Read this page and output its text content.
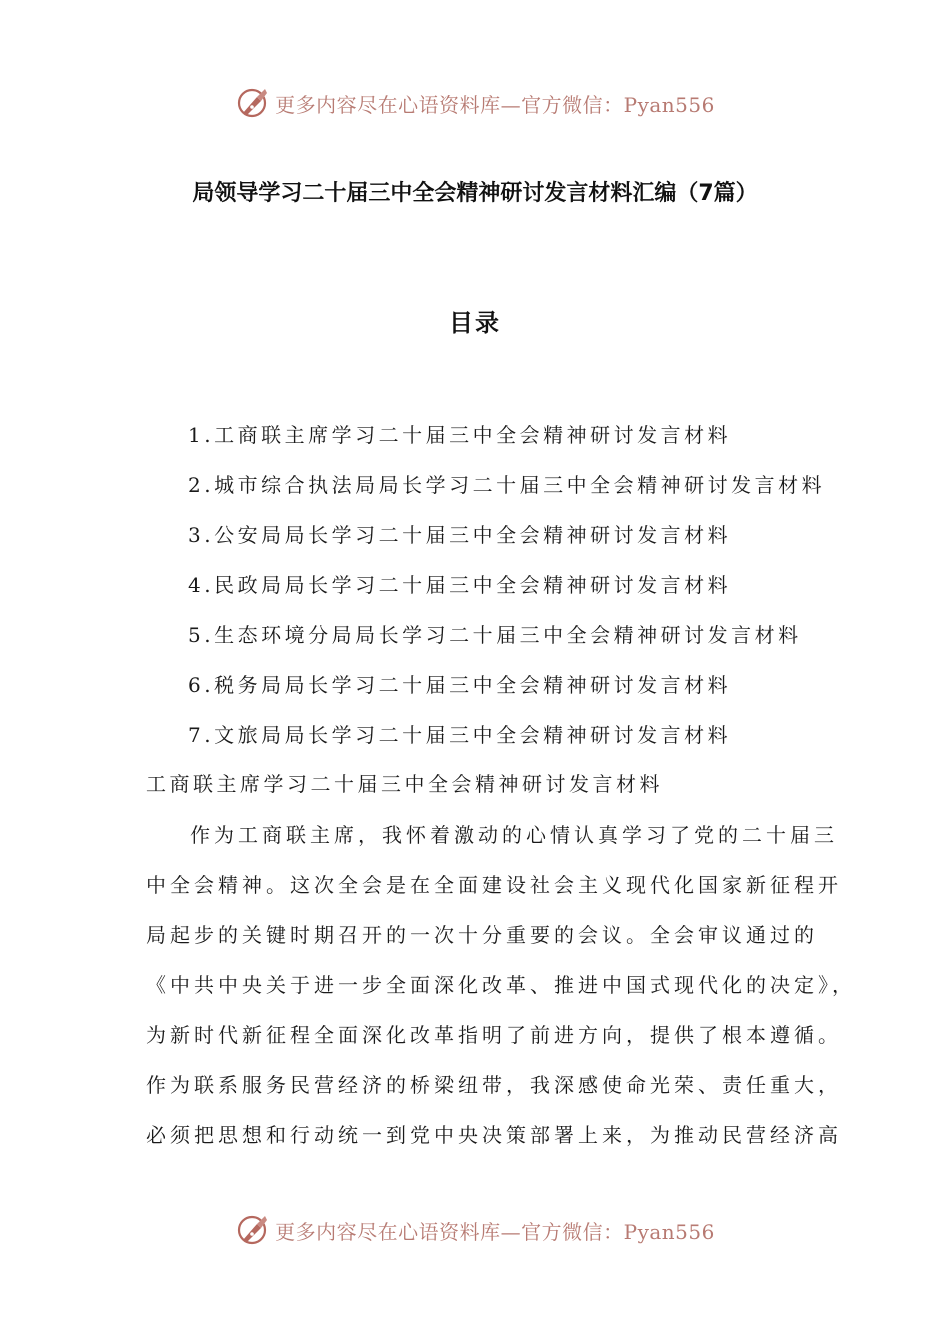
更多内容尽在心语资料库—官方微信：Pyan556
局领导学习二十届三中全会精神研讨发言材料汇编（7篇）
目录
1.工商联主席学习二十届三中全会精神研讨发言材料
2.城市综合执法局局长学习二十届三中全会精神研讨发言材料
3.公安局局长学习二十届三中全会精神研讨发言材料
4.民政局局长学习二十届三中全会精神研讨发言材料
5.生态环境分局局长学习二十届三中全会精神研讨发言材料
6.税务局局长学习二十届三中全会精神研讨发言材料
7.文旅局局长学习二十届三中全会精神研讨发言材料
工商联主席学习二十届三中全会精神研讨发言材料
作为工商联主席，我怀着激动的心情认真学习了党的二十届三
中全会精神。这次全会是在全面建设社会主义现代化国家新征程开
局起步的关键时期召开的一次十分重要的会议。全会审议通过的
《中共中央关于进一步全面深化改革、推进中国式现代化的决定》，
为新时代新征程全面深化改革指明了前进方向，提供了根本遵循。
作为联系服务民营经济的桥梁纽带，我深感使命光荣、责任重大，
必须把思想和行动统一到党中央决策部署上来，为推动民营经济高
更多内容尽在心语资料库—官方微信：Pyan556
